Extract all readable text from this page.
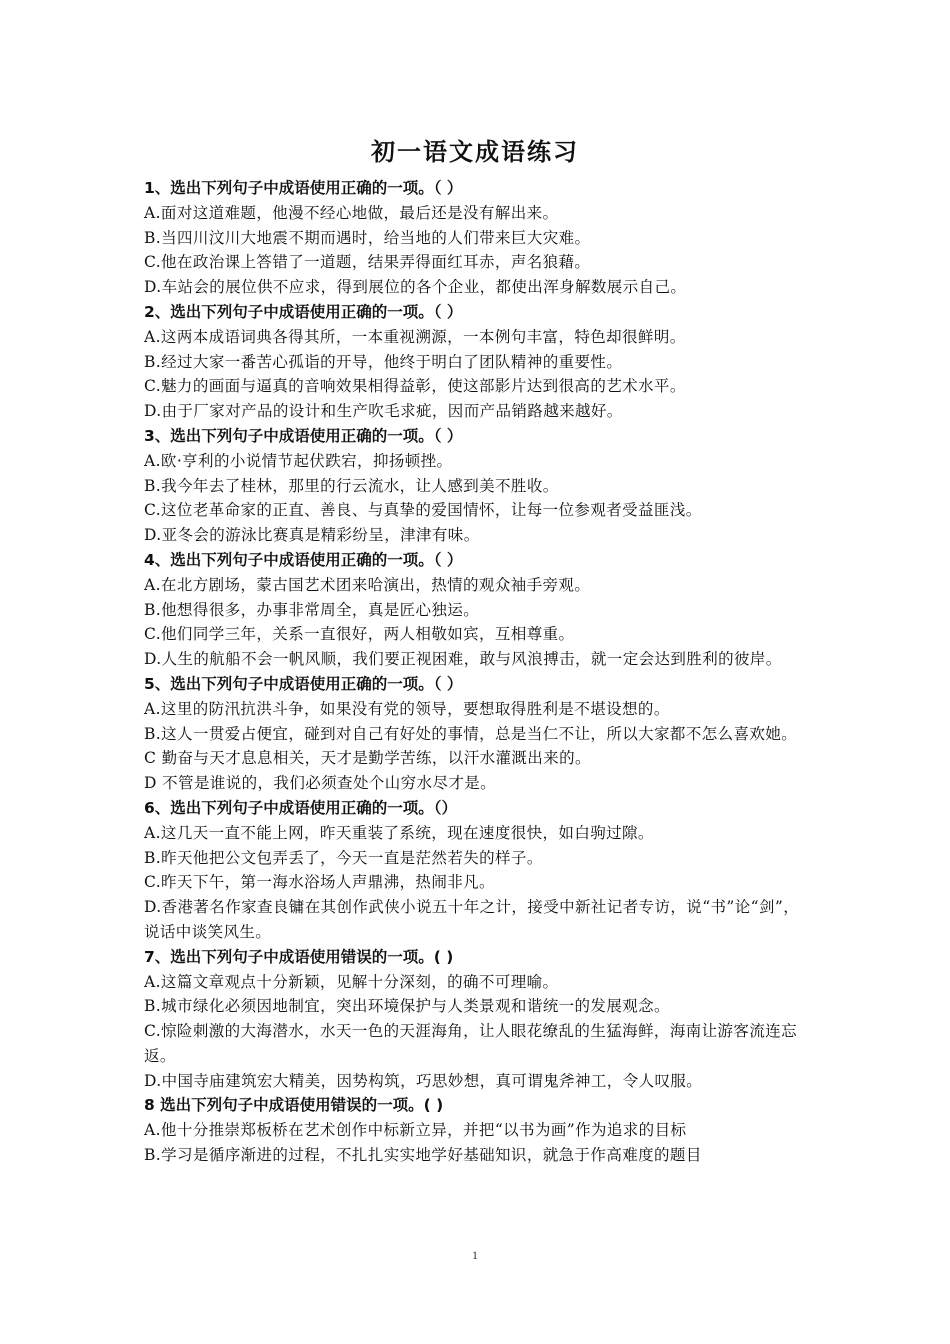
初一语文成语练习
1、选出下列句子中成语使用正确的一项。（ ）
A.面对这道难题，他漫不经心地做，最后还是没有解出来。
B.当四川汶川大地震不期而遇时，给当地的人们带来巨大灾难。
C.他在政治课上答错了一道题，结果弄得面红耳赤，声名狼藉。
D.车站会的展位供不应求，得到展位的各个企业，都使出浑身解数展示自己。
2、选出下列句子中成语使用正确的一项。（ ）
A.这两本成语词典各得其所，一本重视溯源，一本例句丰富，特色却很鲜明。
B.经过大家一番苦心孤诣的开导，他终于明白了团队精神的重要性。
C.魅力的画面与逼真的音响效果相得益彰，使这部影片达到很高的艺术水平。
D.由于厂家对产品的设计和生产吹毛求疵，因而产品销路越来越好。
3、选出下列句子中成语使用正确的一项。（ ）
A.欧·亨利的小说情节起伏跌宕，抑扬顿挫。
B.我今年去了桂林，那里的行云流水，让人感到美不胜收。
C.这位老革命家的正直、善良、与真挚的爱国情怀，让每一位参观者受益匪浅。
D.亚冬会的游泳比赛真是精彩纷呈，津津有味。
4、选出下列句子中成语使用正确的一项。（ ）
A.在北方剧场，蒙古国艺术团来哈演出，热情的观众袖手旁观。
B.他想得很多，办事非常周全，真是匠心独运。
C.他们同学三年，关系一直很好，两人相敬如宾，互相尊重。
D.人生的航船不会一帆风顺，我们要正视困难，敢与风浪搏击，就一定会达到胜利的彼岸。
5、选出下列句子中成语使用正确的一项。（ ）
A.这里的防汛抗洪斗争，如果没有党的领导，要想取得胜利是不堪设想的。
B.这人一贯爱占便宜，碰到对自己有好处的事情，总是当仁不让，所以大家都不怎么喜欢她。
C 勤奋与天才息息相关，天才是勤学苦练，以汗水灌溉出来的。
D 不管是谁说的，我们必须查处个山穷水尽才是。
6、选出下列句子中成语使用正确的一项。（）
A.这几天一直不能上网，昨天重装了系统，现在速度很快，如白驹过隙。
B.昨天他把公文包弄丢了，今天一直是茫然若失的样子。
C.昨天下午，第一海水浴场人声鼎沸，热闹非凡。
D.香港著名作家查良镛在其创作武侠小说五十年之计，接受中新社记者专访，说“书”论“剑”，说话中谈笑风生。
7、选出下列句子中成语使用错误的一项。( )
A.这篇文章观点十分新颖，见解十分深刻，的确不可理喻。
B.城市绿化必须因地制宜，突出环境保护与人类景观和谐统一的发展观念。
C.惊险刺激的大海潜水，水天一色的天涯海角，让人眼花缭乱的生猛海鲜，海南让游客流连忘返。
D.中国寺庙建筑宏大精美，因势构筑，巧思妙想，真可谓鬼斧神工，令人叹服。
8 选出下列句子中成语使用错误的一项。( )
A.他十分推崇郑板桥在艺术创作中标新立异，并把“以书为画”作为追求的目标
B.学习是循序渐进的过程，不扎扎实实地学好基础知识，就急于作高难度的题目
1
